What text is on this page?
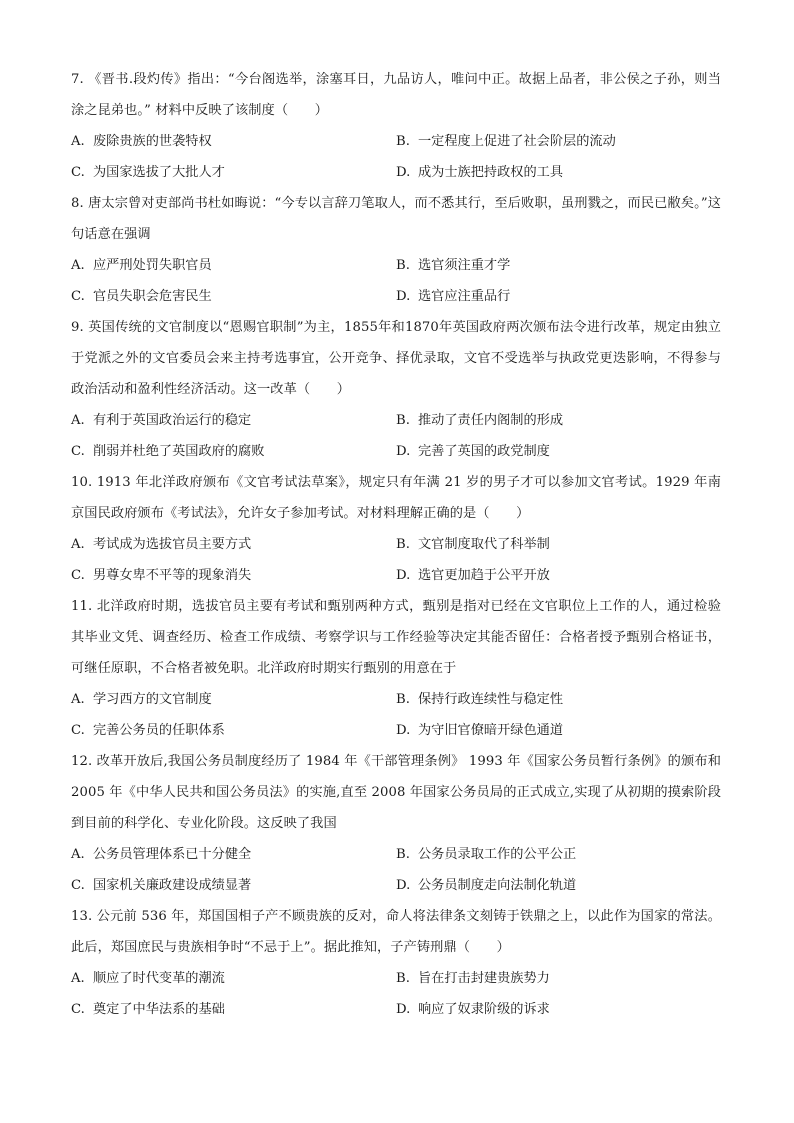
7. 《晋书.段灼传》指出：“今台阁选举，涂塞耳日，九品访人，唯问中正。故据上品者，非公侯之子孙，则当涂之昆弟也。” 材料中反映了该制度（　　）

A. 废除贵族的世袭特权	B. 一定程度上促进了社会阶层的流动
C. 为国家选拔了大批人才	D. 成为士族把持政权的工具

8. 唐太宗曾对吏部尚书杜如晦说：“今专以言辞刀笔取人，而不悉其行，至后败职，虽刑戮之，而民已敝矣。”这句话意在强调

A. 应严刑处罚失职官员	B. 选官须注重才学
C. 官员失职会危害民生	D. 选官应注重品行

9. 英国传统的文官制度以“恩赐官职制”为主，1855年和1870年英国政府两次颁布法令进行改革，规定由独立于党派之外的文官委员会来主持考选事宜，公开竞争、择优录取，文官不受选举与执政党更迭影响，不得参与政治活动和盈利性经济活动。这一改革（　　）

A. 有利于英国政治运行的稳定	B. 推动了责任内阁制的形成
C. 削弱并杜绝了英国政府的腐败	D. 完善了英国的政党制度

10. 1913 年北洋政府颁布《文官考试法草案》，规定只有年满 21 岁的男子才可以参加文官考试。1929 年南京国民政府颁布《考试法》，允许女子参加考试。对材料理解正确的是（　　）

A. 考试成为选拔官员主要方式	B. 文官制度取代了科举制
C. 男尊女卑不平等的现象消失	D. 选官更加趋于公平开放

11. 北洋政府时期，选拔官员主要有考试和甄别两种方式，甄别是指对已经在文官职位上工作的人，通过检验其毕业文凭、调查经历、检查工作成绩、考察学识与工作经验等决定其能否留任：合格者授予甄别合格证书，可继任原职，不合格者被免职。北洋政府时期实行甄别的用意在于

A. 学习西方的文官制度	B. 保持行政连续性与稳定性
C. 完善公务员的任职体系	D. 为守旧官僚暗开绿色通道

12. 改革开放后,我国公务员制度经历了 1984 年《干部管理条例》 1993 年《国家公务员暂行条例》的颁布和 2005 年《中华人民共和国公务员法》的实施,直至 2008 年国家公务员局的正式成立,实现了从初期的摸索阶段到目前的科学化、专业化阶段。这反映了我国

A. 公务员管理体系已十分健全	B. 公务员录取工作的公平公正
C. 国家机关廉政建设成绩显著	D. 公务员制度走向法制化轨道

13. 公元前 536 年，郑国国相子产不顾贵族的反对，命人将法律条文刻铸于铁鼎之上，以此作为国家的常法。此后，郑国庶民与贵族相争时“不忌于上”。据此推知，子产铸刑鼎（　　）

A. 顺应了时代变革的潮流	B. 旨在打击封建贵族势力
C. 奠定了中华法系的基础	D. 响应了奴隶阶级的诉求
